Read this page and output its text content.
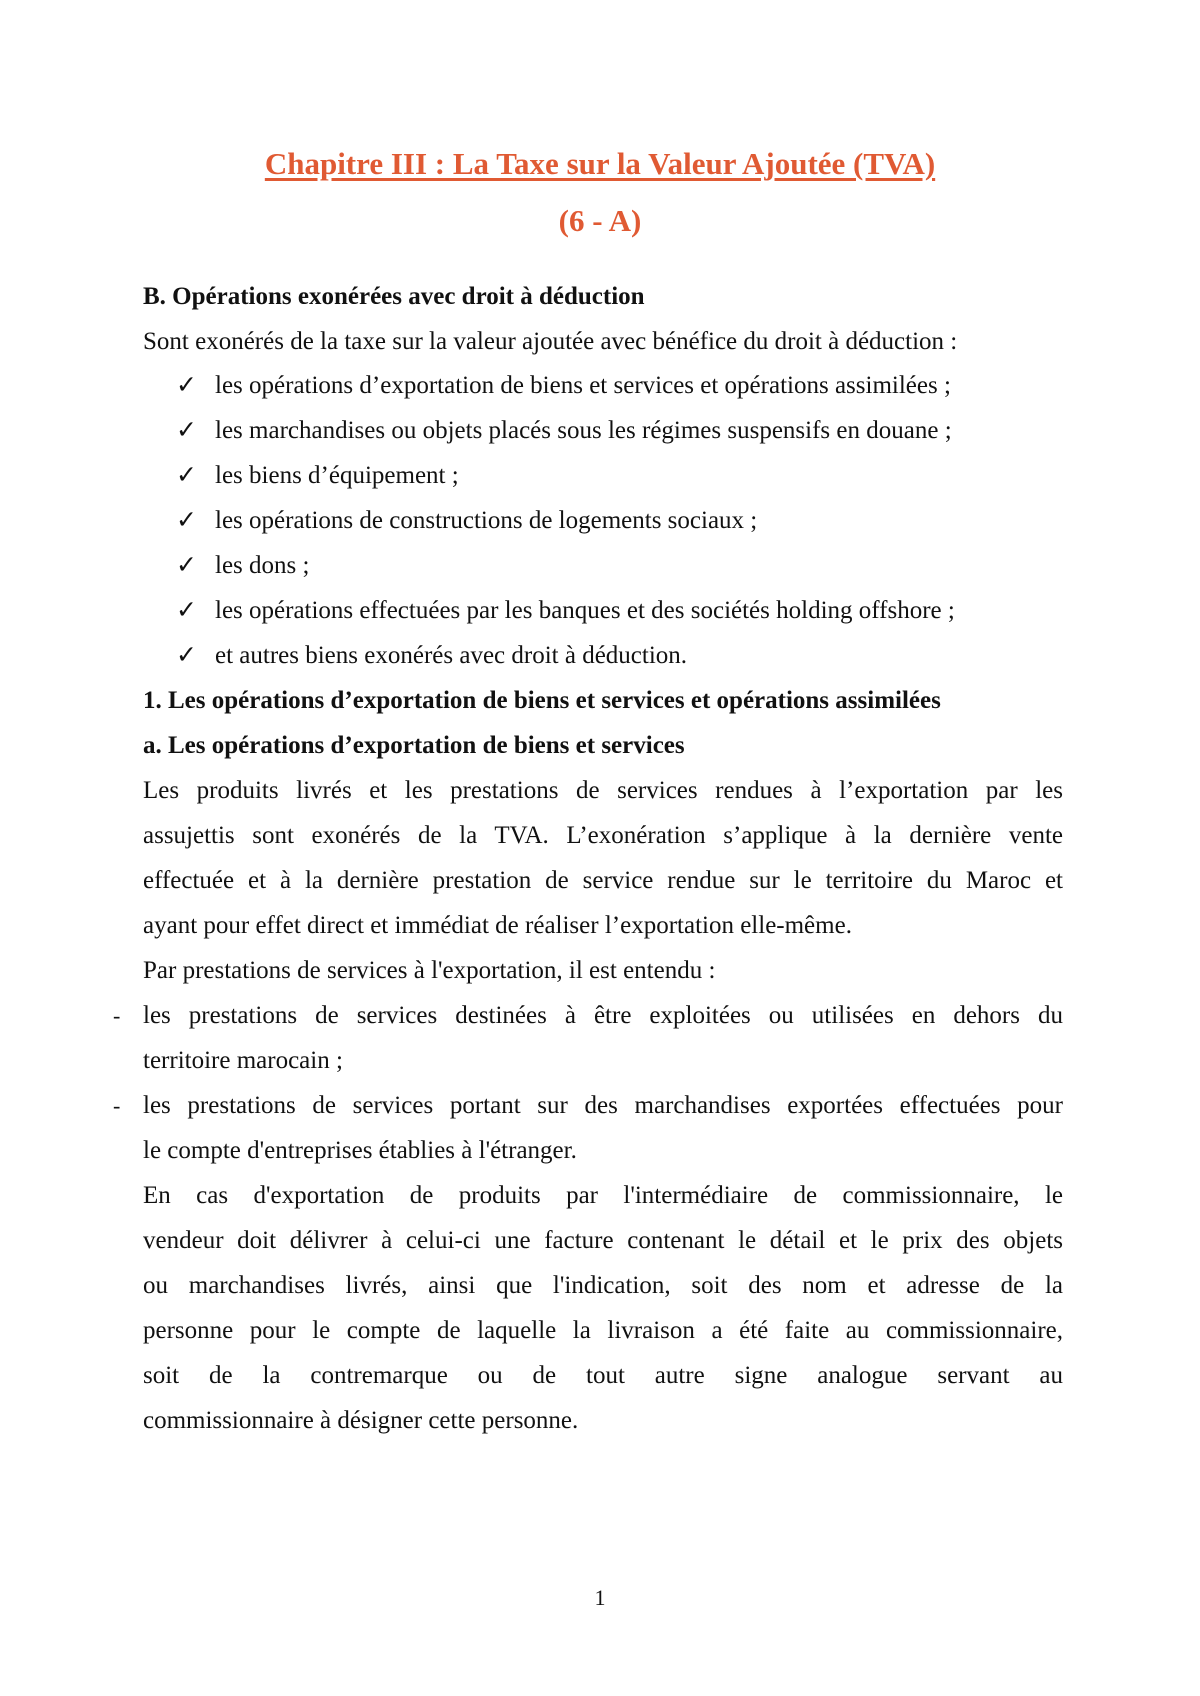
Chapitre III : La Taxe sur la Valeur Ajoutée (TVA)
(6 - A)
B. Opérations exonérées avec droit à déduction
Sont exonérés de la taxe sur la valeur ajoutée avec bénéfice du droit à déduction :
✓ les opérations d’exportation de biens et services et opérations assimilées ;
✓ les marchandises ou objets placés sous les régimes suspensifs en douane ;
✓ les biens d’équipement ;
✓ les opérations de constructions de logements sociaux ;
✓ les dons ;
✓ les opérations effectuées par les banques et des sociétés holding offshore ;
✓ et autres biens exonérés avec droit à déduction.
1. Les opérations d’exportation de biens et services et opérations assimilées
a. Les opérations d’exportation de biens et services
Les produits livrés et les prestations de services rendues à l’exportation par les
assujettis sont exonérés de la TVA. L’exonération s’applique à la dernière vente
effectuée et à la dernière prestation de service rendue sur le territoire du Maroc et
ayant pour effet direct et immédiat de réaliser l’exportation elle-même.
Par prestations de services à l'exportation, il est entendu :
- les prestations de services destinées à être exploitées ou utilisées en dehors du
territoire marocain ;
- les prestations de services portant sur des marchandises exportées effectuées pour
le compte d'entreprises établies à l'étranger.
En cas d'exportation de produits par l'intermédiaire de commissionnaire, le
vendeur doit délivrer à celui-ci une facture contenant le détail et le prix des objets
ou marchandises livrés, ainsi que l'indication, soit des nom et adresse de la
personne pour le compte de laquelle la livraison a été faite au commissionnaire,
soit de la contremarque ou de tout autre signe analogue servant au
commissionnaire à désigner cette personne.
1
